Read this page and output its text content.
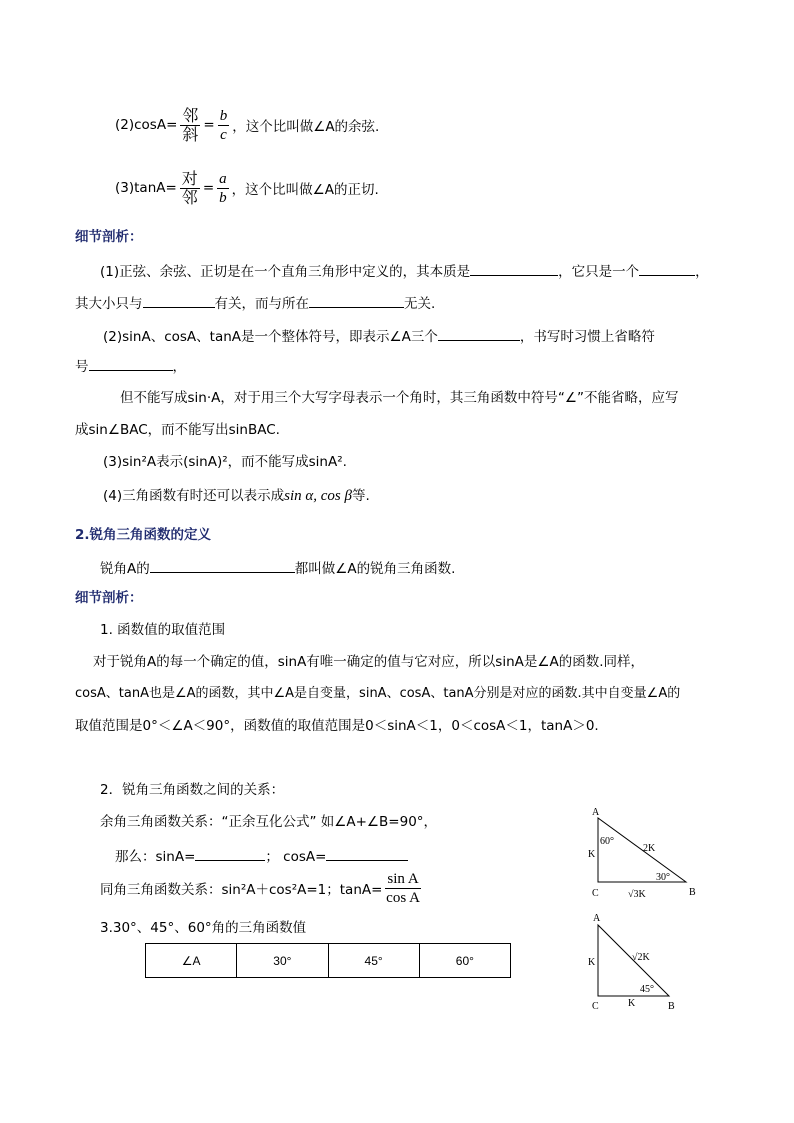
$(2)\cos A= \frac{\text{邻}}{\text{斜}} = \frac{b}{c}$ ，这个比叫做∠A的余弦.
$(3)\tan A= \frac{\text{对}}{\text{邻}} = \frac{a}{b}$ ，这个比叫做∠A的正切.
细节剖析：
(1)正弦、余弦、正切是在一个直角三角形中定义的，其本质是	，它只是一个	，
其大小只与	有关，而与所在	无关.
(2)sinA、cosA、tanA是一个整体符号，即表示∠A三个	，书写时习惯上省略符
号	，
但不能写成sin·A，对于用三个大写字母表示一个角时，其三角函数中符号“∠”不能省略，应写
成sin∠BAC，而不能写出sinBAC.
(3)sin²A表示(sinA)²，而不能写成sinA².
(4)三角函数有时还可以表示成sin α, cos β等.
2.锐角三角函数的定义
锐角A的	都叫做∠A的锐角三角函数.
细节剖析：
1. 函数值的取值范围
对于锐角A的每一个确定的值，sinA有唯一确定的值与它对应，所以sinA是∠A的函数.同样，
cosA、tanA也是∠A的函数，其中∠A是自变量，sinA、cosA、tanA分别是对应的函数.其中自变量∠A的
取值范围是0°＜∠A＜90°，函数值的取值范围是0＜sinA＜1，0＜cosA＜1，tanA＞0.
2．锐角三角函数之间的关系：
余角三角函数关系：“正余互化公式” 如∠A+∠B=90°，
那么：sinA=	； cosA=
同角三角函数关系：sin²A＋cos²A=1；$\tan A= \frac{\text{sin A}}{\text{cos A}}$
3.30°、45°、60°角的三角函数值
∠A	30°	45°	60°
A
60°
K
2K
30°
C	√3K	B
A
K	√2K
45°
C	K	B
